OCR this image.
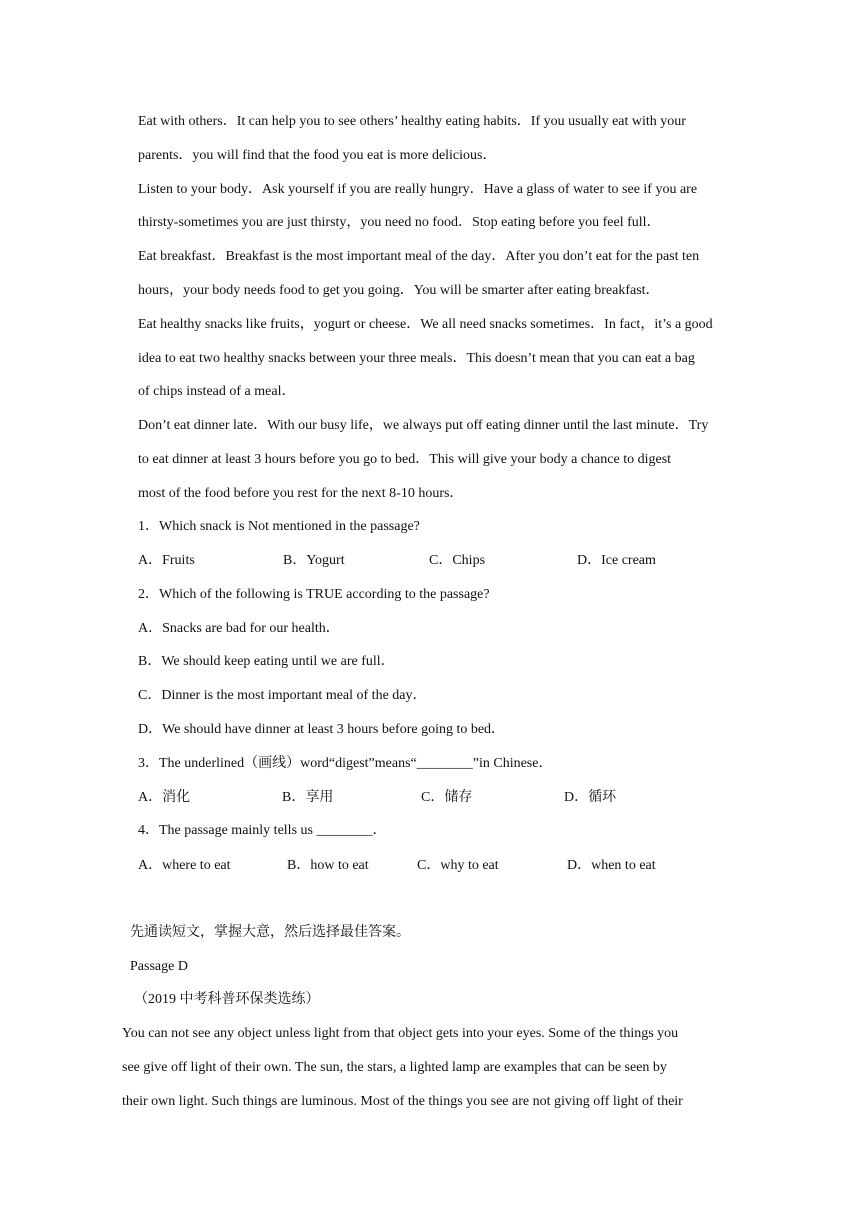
Eat with others．It can help you to see others’ healthy eating habits．If you usually eat with your
parents．you will find that the food you eat is more delicious．
Listen to your body．Ask yourself if you are really hungry．Have a glass of water to see if you are
thirsty-sometimes you are just thirsty，you need no food．Stop eating before you feel full．
Eat breakfast．Breakfast is the most important meal of the day．After you don’t eat for the past ten
hours，your body needs food to get you going．You will be smarter after eating breakfast．
Eat healthy snacks like fruits，yogurt or cheese．We all need snacks sometimes．In fact，it’s a good
idea to eat two healthy snacks between your three meals．This doesn’t mean that you can eat a bag
of chips instead of a meal．
Don’t eat dinner late．With our busy life，we always put off eating dinner until the last minute．Try
to eat dinner at least 3 hours before you go to bed．This will give your body a chance to digest
most of the food before you rest for the next 8-10 hours．
1．Which snack is Not mentioned in the passage?
A．Fruits	B．Yogurt	C．Chips	D．Ice cream
2．Which of the following is TRUE according to the passage?
A．Snacks are bad for our health．
B．We should keep eating until we are full．
C．Dinner is the most important meal of the day．
D．We should have dinner at least 3 hours before going to bed．
3．The underlined（画线）word“digest”means“________”in Chinese．
A．消化	B．享用	C．储存	D．循环
4．The passage mainly tells us ________．
A．where to eat	B．how to eat	C．why to eat	D．when to eat
先通读短文，掌握大意，然后选择最佳答案。
Passage D
（2019 中考科普环保类选练）
You can not see any object unless light from that object gets into your eyes. Some of the things you
see give off light of their own. The sun, the stars, a lighted lamp are examples that can be seen by
their own light. Such things are luminous. Most of the things you see are not giving off light of their
